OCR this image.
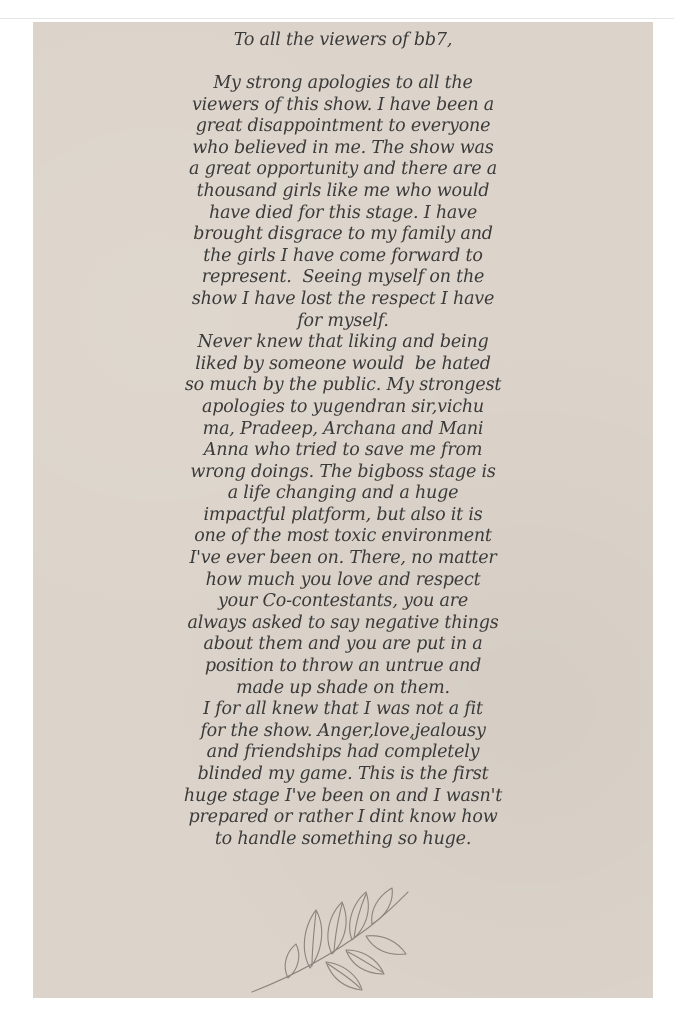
To all the viewers of bb7,
My strong apologies to all the
viewers of this show. I have been a
great disappointment to everyone
who believed in me. The show was
a great opportunity and there are a
thousand girls like me who would
have died for this stage. I have
brought disgrace to my family and
the girls I have come forward to
represent.  Seeing myself on the
show I have lost the respect I have
for myself.
Never knew that liking and being
liked by someone would  be hated
so much by the public. My strongest
apologies to yugendran sir,vichu
ma, Pradeep, Archana and Mani
Anna who tried to save me from
wrong doings. The bigboss stage is
a life changing and a huge
impactful platform, but also it is
one of the most toxic environment
I've ever been on. There, no matter
how much you love and respect
your Co-contestants, you are
always asked to say negative things
about them and you are put in a
position to throw an untrue and
made up shade on them.
I for all knew that I was not a fit
for the show. Anger,love,jealousy
and friendships had completely
blinded my game. This is the first
huge stage I've been on and I wasn't
prepared or rather I dint know how
to handle something so huge.
